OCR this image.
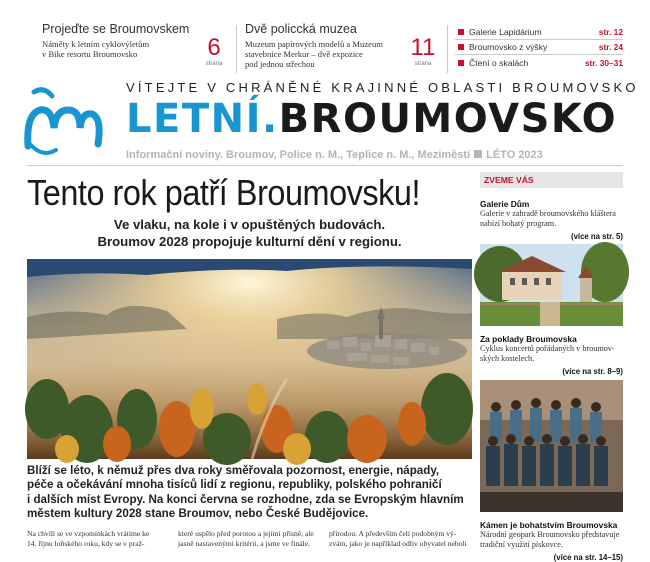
Projeďte se Broumovskem
Náměty k letním cyklovýletům
v Bike resortu Broumovsko	6
strana
Dvě policcká muzea
Muzeum papírových modelů a Muzeum
stavebnice Merkur – dvě expozice
pod jednou střechou
11
strana
Galerie Lapidárium	str. 12
Broumovsko z výšky	str. 24
Čtení o skalách	str. 30–31
VÍTEJTE V CHRÁNĚNÉ KRAJINNÉ OBLASTI BROUMOVSKO
LETNÍ.BROUMOVSKO
Informační noviny. Broumov, Police n. M., Teplice n. M., Meziměstí LÉTO 2023
Tento rok patří Broumovsku!
Ve vlaku, na kole i v opuštěných budovách.
Broumov 2028 propojuje kulturní dění v regionu.
Blíží se léto, k němuž přes dva roky směřovala pozornost, energie, nápady,
péče a očekávání mnoha tisíců lidí z regionu, republiky, polského pohraničí
i dalších míst Evropy. Na konci června se rozhodne, zda se Evropským hlavním
městem kultury 2028 stane Broumov, nebo České Budějovice.
Na chvíli se ve vzpomínkách vrátíme ke
14. říjnu loňského roku, kdy se v praž-
které uspělo před porotou a jejími přísně, ale
jasně nastavenými kritérii, a jsme ve finále.
přírodou. A především čelí podobným vý-
zvám, jako je například odliv obyvatel neboli
ZVEME VÁS
Galerie Dům

Galerie v zahradě broumovského kláštera
nabízí bohatý program.

(více na str. 5)
Za poklady Broumovska

Cyklus koncertů pořádaných v broumov-
ských kostelech.

(více na str. 8–9)
Kámen je bohatstvím Broumovska

Národní geopark Broumovsko představuje
tradiční využití pískovce.

(více na str. 14–15)
